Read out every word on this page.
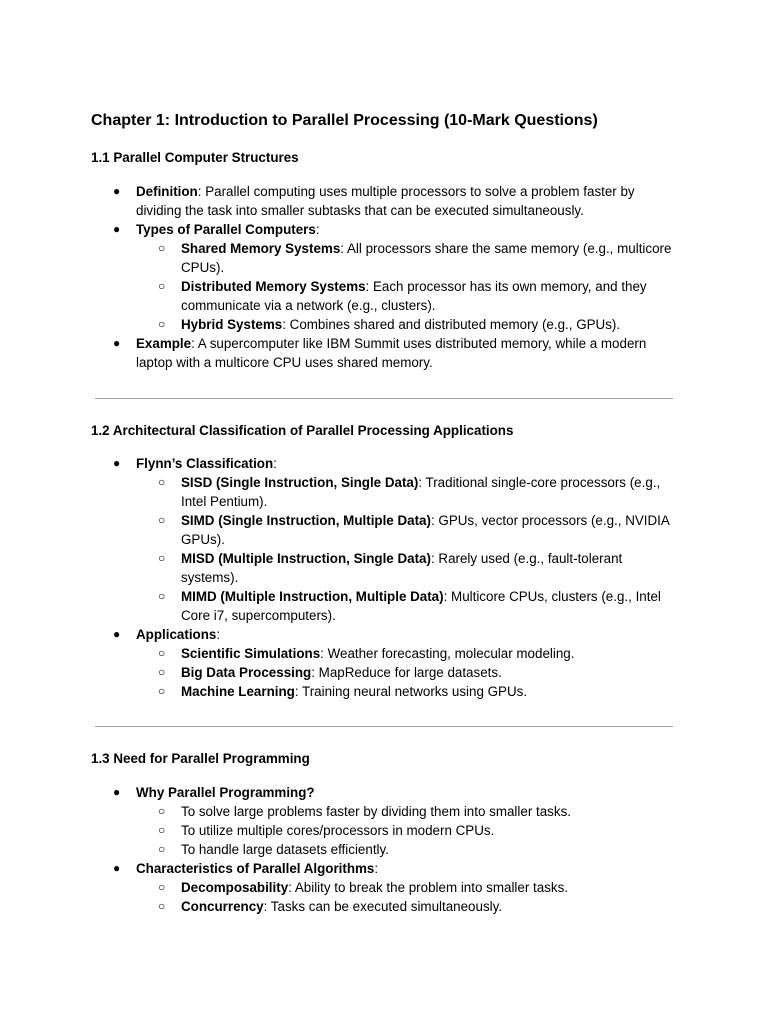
Chapter 1: Introduction to Parallel Processing (10-Mark Questions)
1.1 Parallel Computer Structures
● Definition: Parallel computing uses multiple processors to solve a problem faster by dividing the task into smaller subtasks that can be executed simultaneously.
● Types of Parallel Computers:
○ Shared Memory Systems: All processors share the same memory (e.g., multicore CPUs).
○ Distributed Memory Systems: Each processor has its own memory, and they communicate via a network (e.g., clusters).
○ Hybrid Systems: Combines shared and distributed memory (e.g., GPUs).
● Example: A supercomputer like IBM Summit uses distributed memory, while a modern laptop with a multicore CPU uses shared memory.
1.2 Architectural Classification of Parallel Processing Applications
● Flynn’s Classification:
○ SISD (Single Instruction, Single Data): Traditional single-core processors (e.g., Intel Pentium).
○ SIMD (Single Instruction, Multiple Data): GPUs, vector processors (e.g., NVIDIA GPUs).
○ MISD (Multiple Instruction, Single Data): Rarely used (e.g., fault-tolerant systems).
○ MIMD (Multiple Instruction, Multiple Data): Multicore CPUs, clusters (e.g., Intel Core i7, supercomputers).
● Applications:
○ Scientific Simulations: Weather forecasting, molecular modeling.
○ Big Data Processing: MapReduce for large datasets.
○ Machine Learning: Training neural networks using GPUs.
1.3 Need for Parallel Programming
● Why Parallel Programming?
○ To solve large problems faster by dividing them into smaller tasks.
○ To utilize multiple cores/processors in modern CPUs.
○ To handle large datasets efficiently.
● Characteristics of Parallel Algorithms:
○ Decomposability: Ability to break the problem into smaller tasks.
○ Concurrency: Tasks can be executed simultaneously.
